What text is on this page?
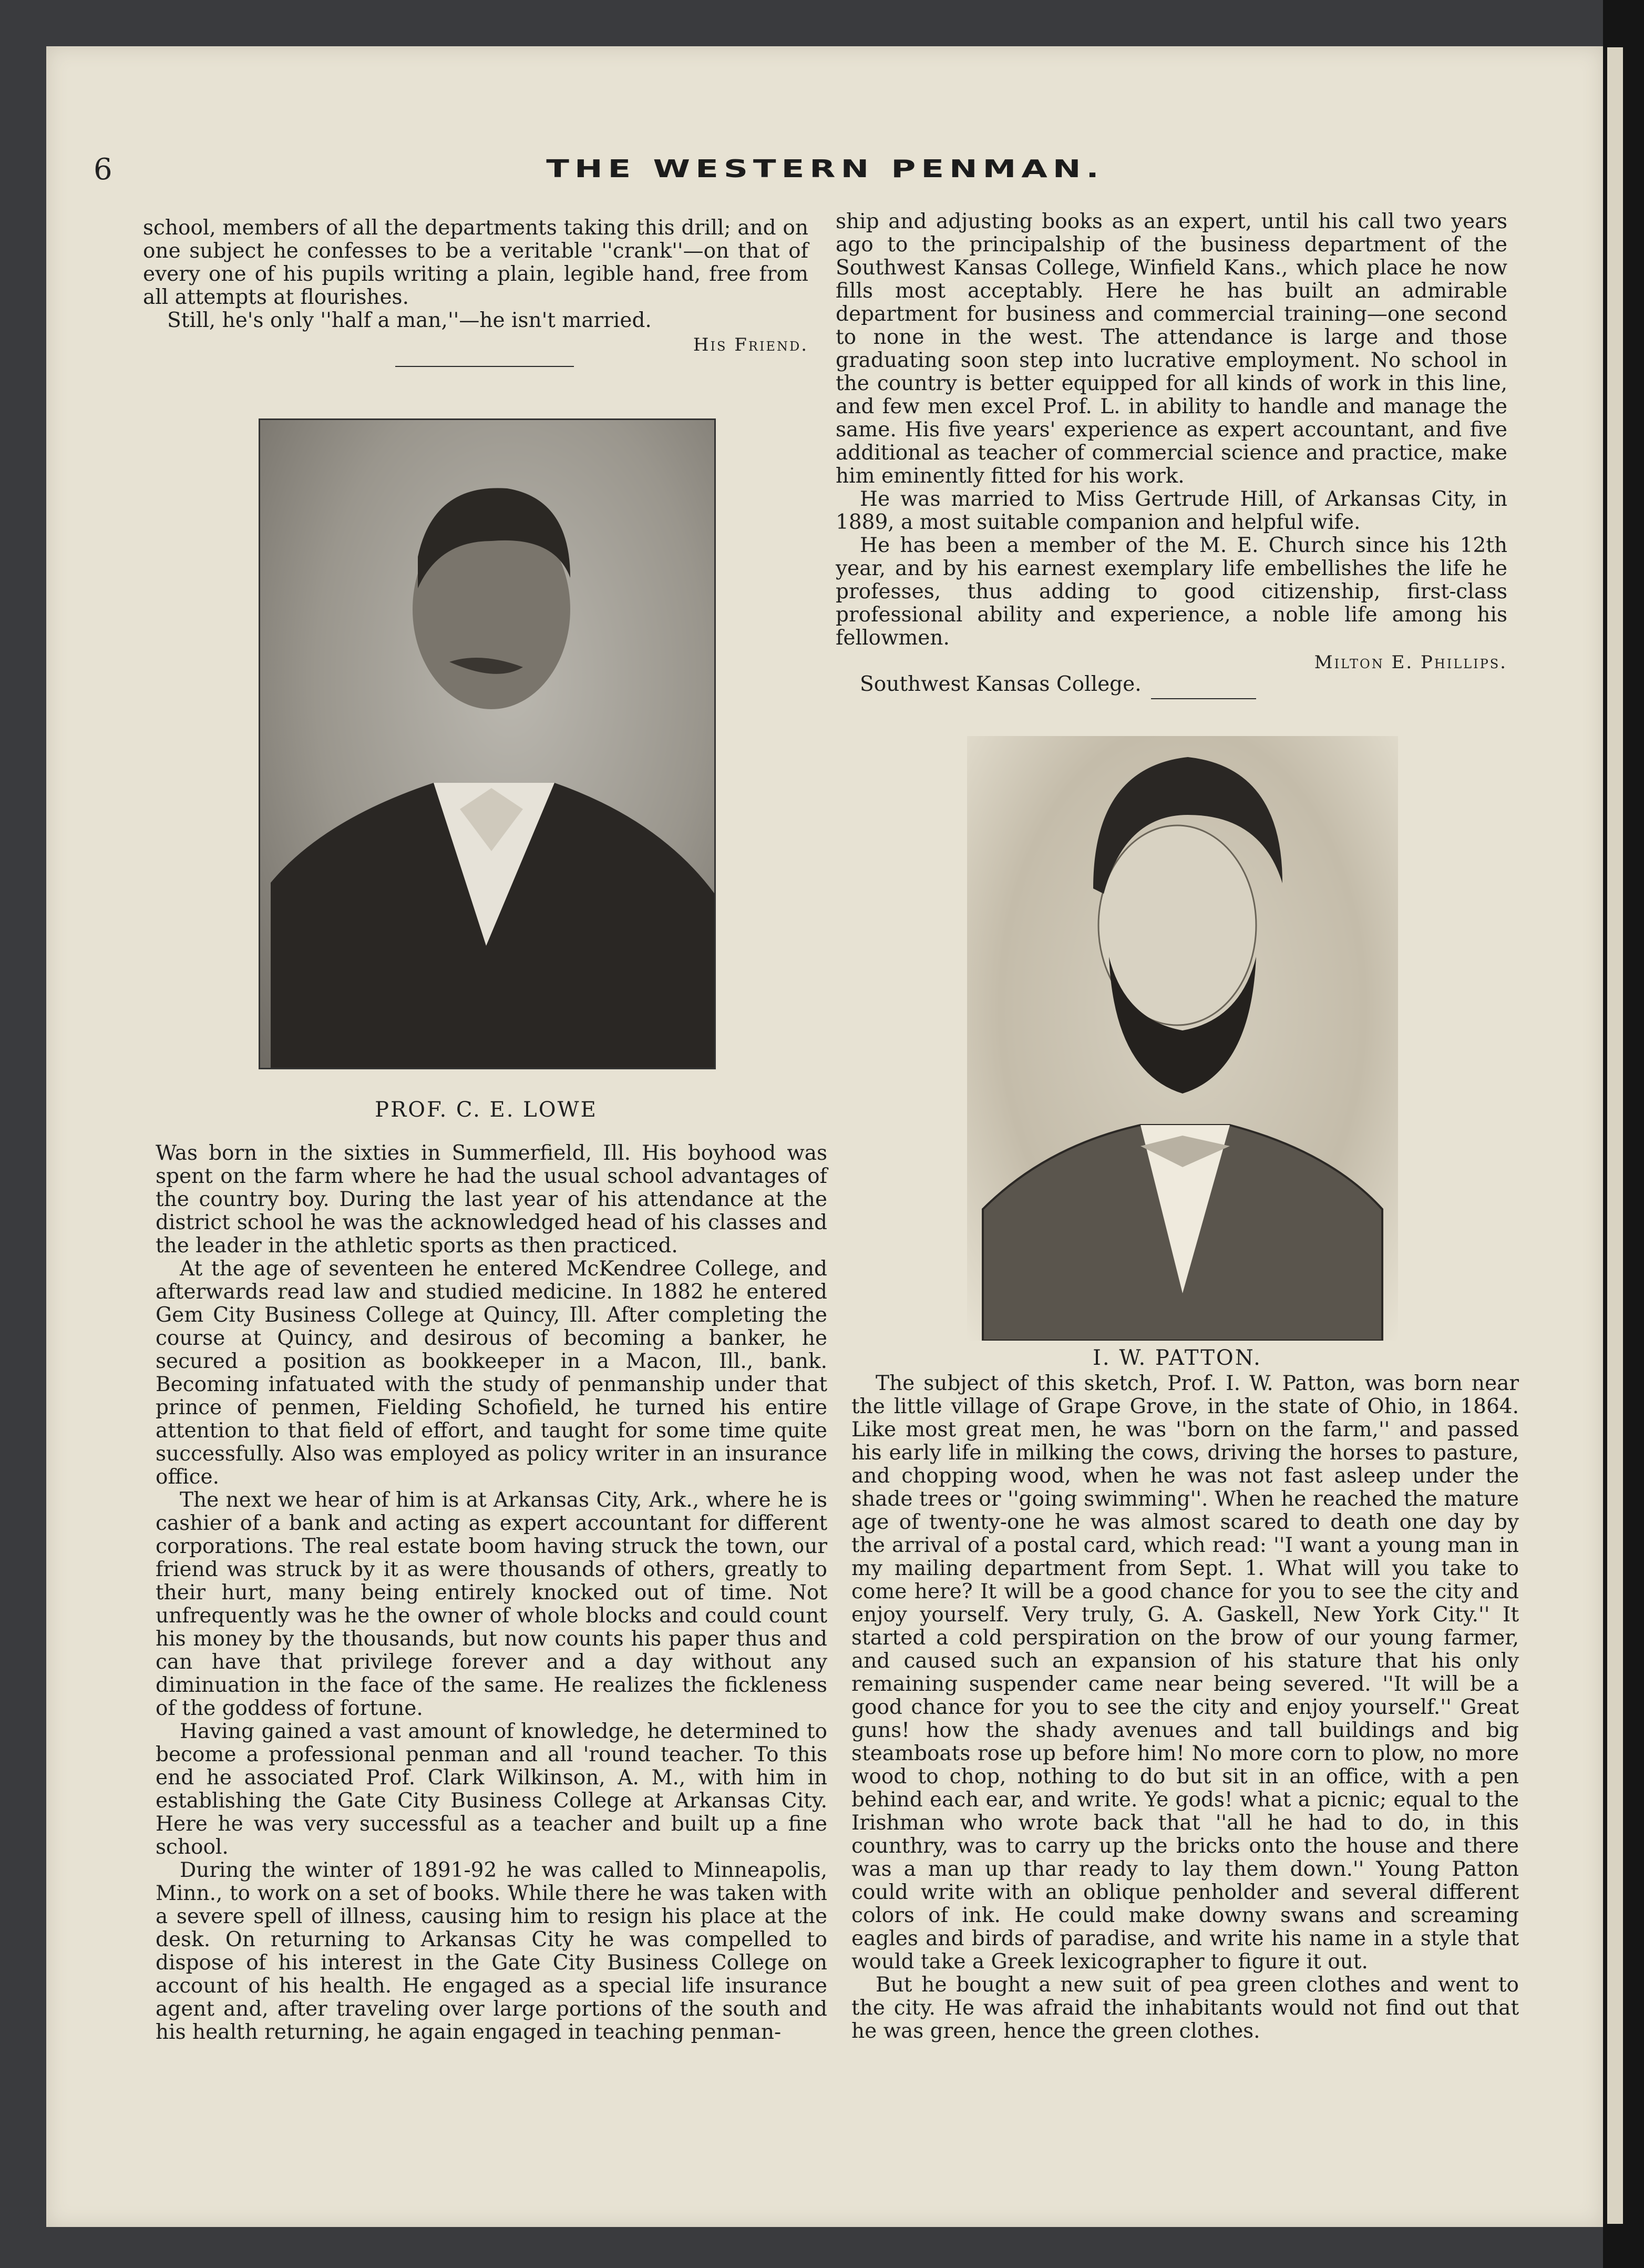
6	THE WESTERN PENMAN.

school, members of all the departments taking this drill; and on one subject he confesses to be a veritable ''crank''—on that of every one of his pupils writing a plain, legible hand, free from all attempts at flourishes.

Still, he's only ''half a man,''—he isn't married.

His Friend.
PROF. C. E. LOWE

Was born in the sixties in Summerfield, Ill. His boyhood was spent on the farm where he had the usual school advantages of the country boy. During the last year of his attendance at the district school he was the acknowledged head of his classes and the leader in the athletic sports as then practiced.

At the age of seventeen he entered McKendree College, and afterwards read law and studied medicine. In 1882 he entered Gem City Business College at Quincy, Ill. After completing the course at Quincy, and desirous of becoming a banker, he secured a position as bookkeeper in a Macon, Ill., bank. Becoming infatuated with the study of penmanship under that prince of penmen, Fielding Schofield, he turned his entire attention to that field of effort, and taught for some time quite successfully. Also was employed as policy writer in an insurance office.

The next we hear of him is at Arkansas City, Ark., where he is cashier of a bank and acting as expert accountant for different corporations. The real estate boom having struck the town, our friend was struck by it as were thousands of others, greatly to their hurt, many being entirely knocked out of time. Not unfrequently was he the owner of whole blocks and could count his money by the thousands, but now counts his paper thus and can have that privilege forever and a day without any diminuation in the face of the same. He realizes the fickleness of the goddess of fortune.

Having gained a vast amount of knowledge, he determined to become a professional penman and all 'round teacher. To this end he associated Prof. Clark Wilkinson, A. M., with him in establishing the Gate City Business College at Arkansas City. Here he was very successful as a teacher and built up a fine school.

During the winter of 1891-92 he was called to Minneapolis, Minn., to work on a set of books. While there he was taken with a severe spell of illness, causing him to resign his place at the desk. On returning to Arkansas City he was compelled to dispose of his interest in the Gate City Business College on account of his health. He engaged as a special life insurance agent and, after traveling over large portions of the south and his health returning, he again engaged in teaching penman-

ship and adjusting books as an expert, until his call two years ago to the principalship of the business department of the Southwest Kansas College, Winfield Kans., which place he now fills most acceptably. Here he has built an admirable department for business and commercial training—one second to none in the west. The attendance is large and those graduating soon step into lucrative employment. No school in the country is better equipped for all kinds of work in this line, and few men excel Prof. L. in ability to handle and manage the same. His five years' experience as expert accountant, and five additional as teacher of commercial science and practice, make him eminently fitted for his work.

He was married to Miss Gertrude Hill, of Arkansas City, in 1889, a most suitable companion and helpful wife.

He has been a member of the M. E. Church since his 12th year, and by his earnest exemplary life embellishes the life he professes, thus adding to good citizenship, first-class professional ability and experience, a noble life among his fellowmen.

Milton E. Phillips.

Southwest Kansas College.

I. W. PATTON.

The subject of this sketch, Prof. I. W. Patton, was born near the little village of Grape Grove, in the state of Ohio, in 1864. Like most great men, he was ''born on the farm,'' and passed his early life in milking the cows, driving the horses to pasture, and chopping wood, when he was not fast asleep under the shade trees or ''going swimming''. When he reached the mature age of twenty-one he was almost scared to death one day by the arrival of a postal card, which read: ''I want a young man in my mailing department from Sept. 1. What will you take to come here? It will be a good chance for you to see the city and enjoy yourself. Very truly, G. A. Gaskell, New York City.'' It started a cold perspiration on the brow of our young farmer, and caused such an expansion of his stature that his only remaining suspender came near being severed. ''It will be a good chance for you to see the city and enjoy yourself.'' Great guns! how the shady avenues and tall buildings and big steamboats rose up before him! No more corn to plow, no more wood to chop, nothing to do but sit in an office, with a pen behind each ear, and write. Ye gods! what a picnic; equal to the Irishman who wrote back that ''all he had to do, in this counthry, was to carry up the bricks onto the house and there was a man up thar ready to lay them down.'' Young Patton could write with an oblique penholder and several different colors of ink. He could make downy swans and screaming eagles and birds of paradise, and write his name in a style that would take a Greek lexicographer to figure it out.

But he bought a new suit of pea green clothes and went to the city. He was afraid the inhabitants would not find out that he was green, hence the green clothes.
